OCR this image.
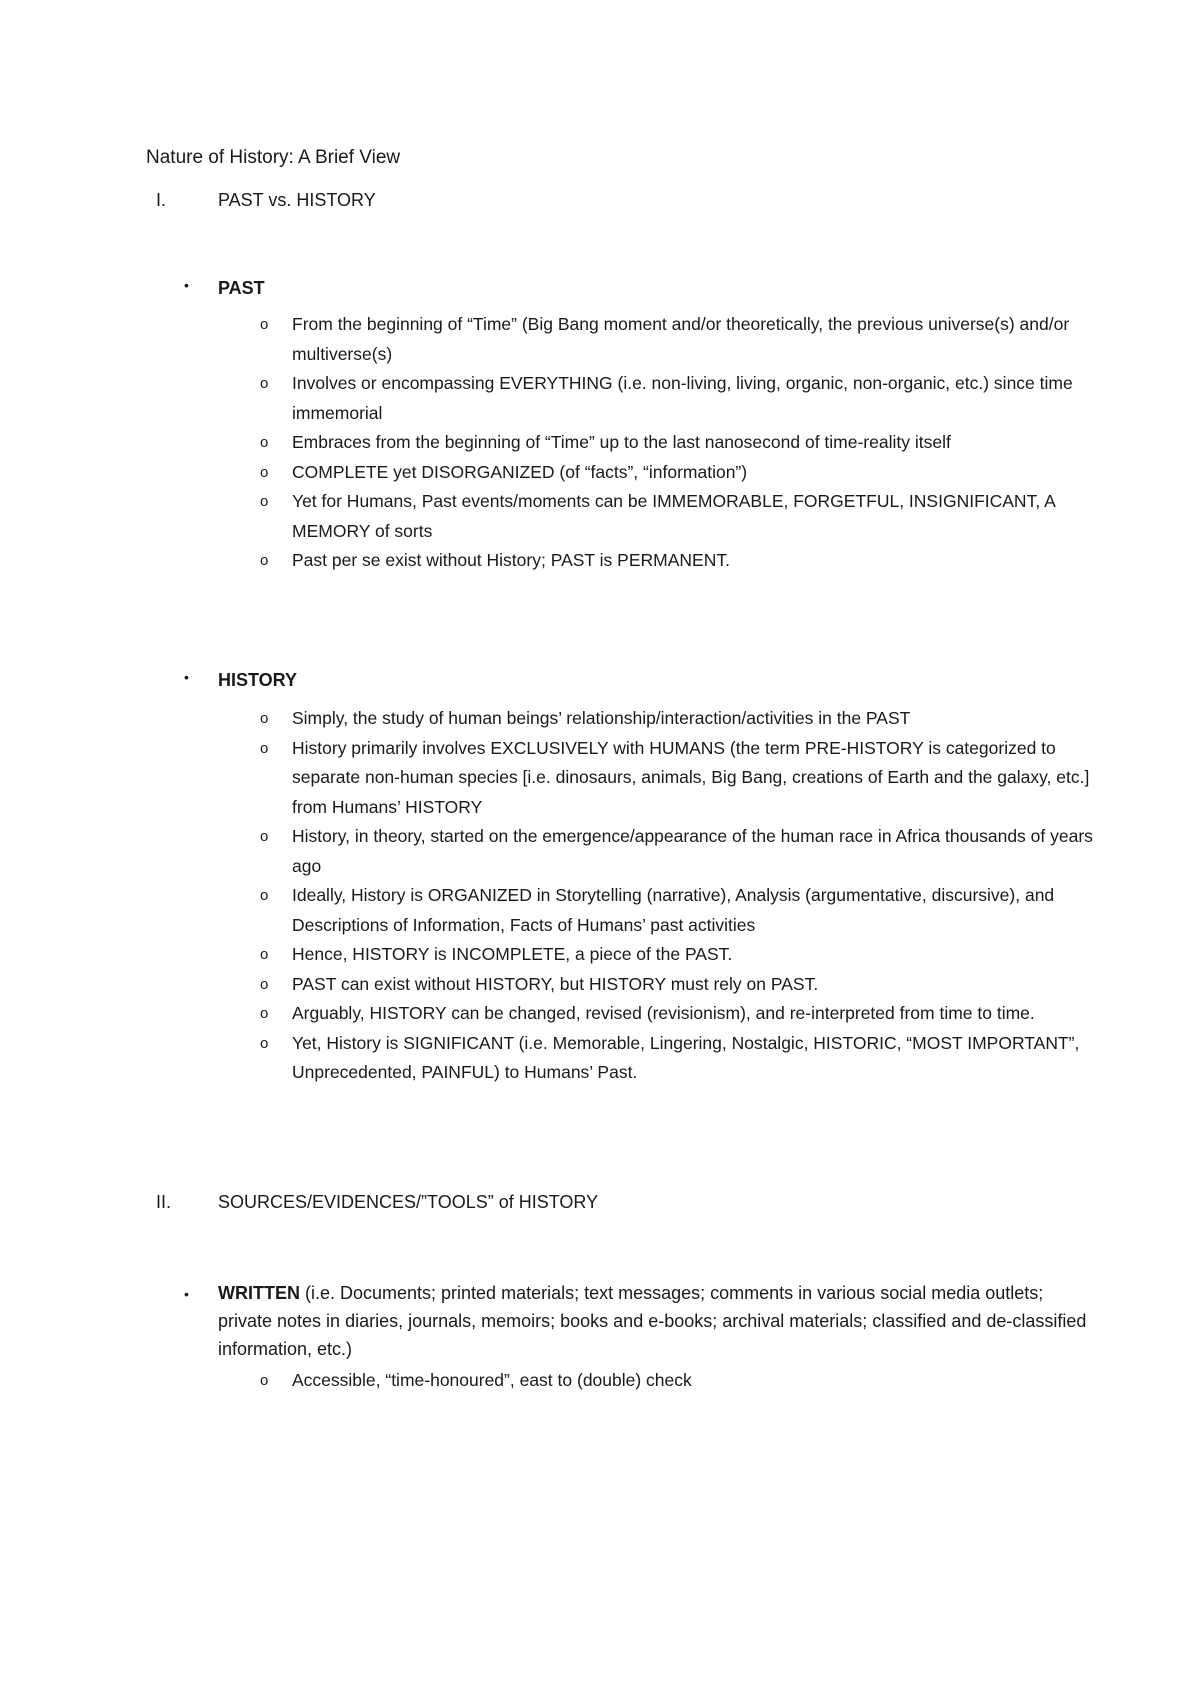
Nature of History: A Brief View
I.	PAST vs. HISTORY
• PAST
o From the beginning of “Time” (Big Bang moment and/or theoretically, the previous universe(s) and/or multiverse(s)
o Involves or encompassing EVERYTHING (i.e. non-living, living, organic, non-organic, etc.) since time immemorial
o Embraces from the beginning of “Time” up to the last nanosecond of time-reality itself
o COMPLETE yet DISORGANIZED (of “facts”, “information”)
o Yet for Humans, Past events/moments can be IMMEMORABLE, FORGETFUL, INSIGNIFICANT, A MEMORY of sorts
o Past per se exist without History; PAST is PERMANENT.
• HISTORY
o Simply, the study of human beings’ relationship/interaction/activities in the PAST
o History primarily involves EXCLUSIVELY with HUMANS (the term PRE-HISTORY is categorized to separate non-human species [i.e. dinosaurs, animals, Big Bang, creations of Earth and the galaxy, etc.] from Humans’ HISTORY
o History, in theory, started on the emergence/appearance of the human race in Africa thousands of years ago
o Ideally, History is ORGANIZED in Storytelling (narrative), Analysis (argumentative, discursive), and Descriptions of Information, Facts of Humans’ past activities
o Hence, HISTORY is INCOMPLETE, a piece of the PAST.
o PAST can exist without HISTORY, but HISTORY must rely on PAST.
o Arguably, HISTORY can be changed, revised (revisionism), and re-interpreted from time to time.
o Yet, History is SIGNIFICANT (i.e. Memorable, Lingering, Nostalgic, HISTORIC, “MOST IMPORTANT”, Unprecedented, PAINFUL) to Humans’ Past.
II.	SOURCES/EVIDENCES/”TOOLS” of HISTORY
• WRITTEN (i.e. Documents; printed materials; text messages; comments in various social media outlets; private notes in diaries, journals, memoirs; books and e-books; archival materials; classified and de-classified information, etc.)
o Accessible, “time-honoured”, east to (double) check
